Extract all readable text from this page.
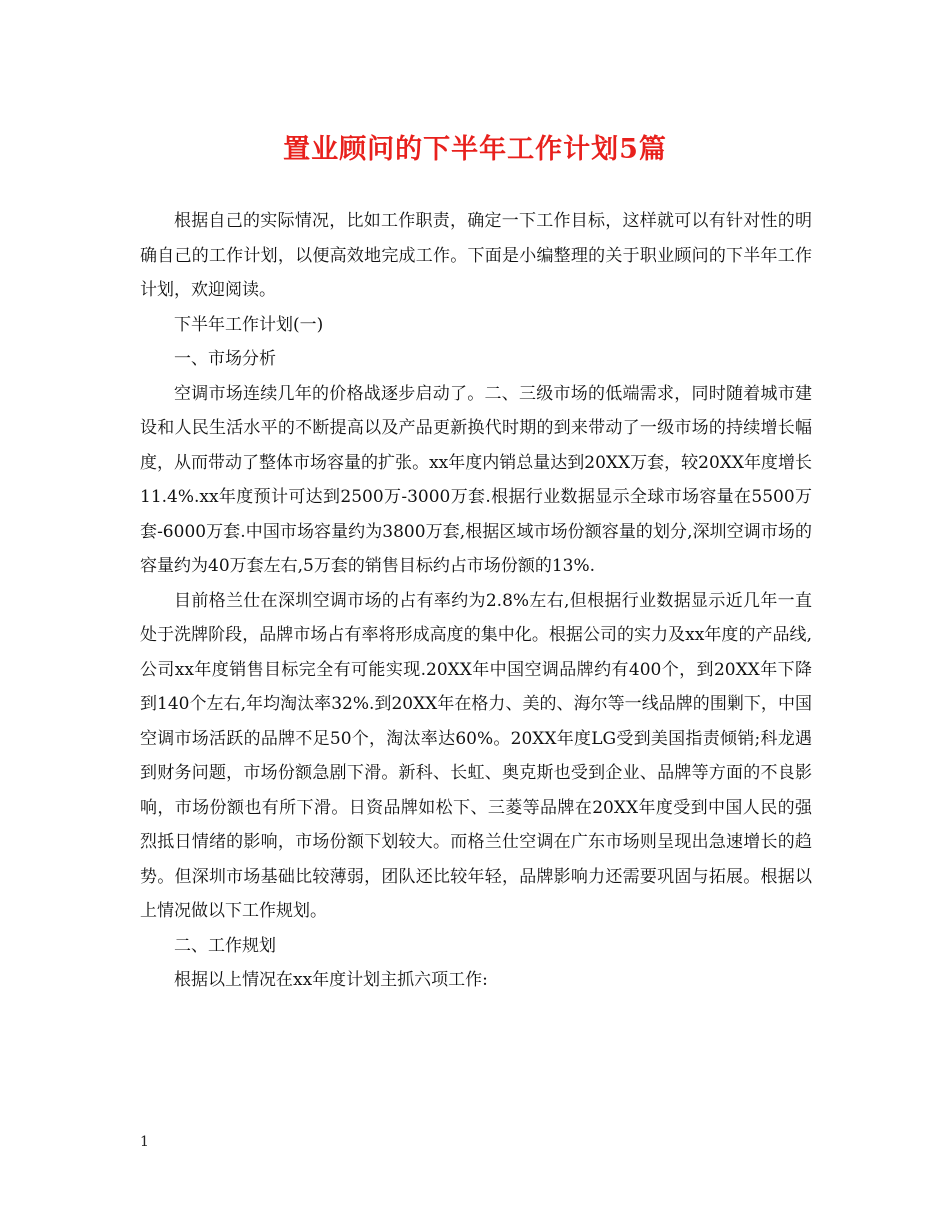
置业顾问的下半年工作计划5篇

根据自己的实际情况，比如工作职责，确定一下工作目标，这样就可以有针对性的明确自己的工作计划，以便高效地完成工作。下面是小编整理的关于职业顾问的下半年工作计划，欢迎阅读。

下半年工作计划(一)

一、市场分析

空调市场连续几年的价格战逐步启动了。二、三级市场的低端需求，同时随着城市建设和人民生活水平的不断提高以及产品更新换代时期的到来带动了一级市场的持续增长幅度，从而带动了整体市场容量的扩张。xx年度内销总量达到20XX万套，较20XX年度增长11.4%.xx年度预计可达到2500万-3000万套.根据行业数据显示全球市场容量在5500万套-6000万套.中国市场容量约为3800万套,根据区域市场份额容量的划分,深圳空调市场的容量约为40万套左右,5万套的销售目标约占市场份额的13%.

目前格兰仕在深圳空调市场的占有率约为2.8%左右,但根据行业数据显示近几年一直处于洗牌阶段，品牌市场占有率将形成高度的集中化。根据公司的实力及xx年度的产品线,公司xx年度销售目标完全有可能实现.20XX年中国空调品牌约有400个，到20XX年下降到140个左右,年均淘汰率32%.到20XX年在格力、美的、海尔等一线品牌的围剿下，中国空调市场活跃的品牌不足50个，淘汰率达60%。20XX年度LG受到美国指责倾销;科龙遇到财务问题，市场份额急剧下滑。新科、长虹、奥克斯也受到企业、品牌等方面的不良影响，市场份额也有所下滑。日资品牌如松下、三菱等品牌在20XX年度受到中国人民的强烈抵日情绪的影响，市场份额下划较大。而格兰仕空调在广东市场则呈现出急速增长的趋势。但深圳市场基础比较薄弱，团队还比较年轻，品牌影响力还需要巩固与拓展。根据以上情况做以下工作规划。

二、工作规划

根据以上情况在xx年度计划主抓六项工作:

1
